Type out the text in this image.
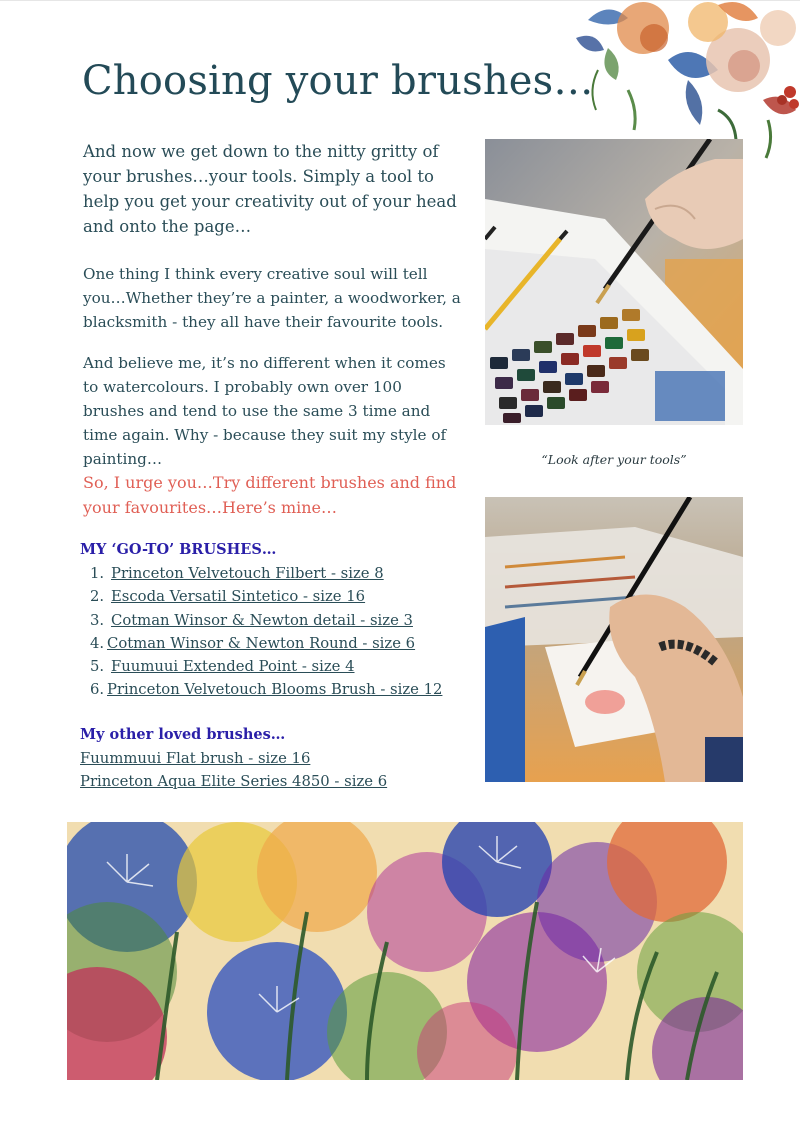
Choosing your brushes…

And now we get down to the nitty gritty of your brushes…your tools. Simply a tool to help you get your creativity out of your head and onto the page…

One thing I think every creative soul will tell you…Whether they’re a painter, a woodworker, a blacksmith - they all have their favourite tools.

And believe me, it’s no different when it comes to watercolours. I probably own over 100 brushes and tend to use the same 3 time and time again. Why - because they suit my style of painting…

So, I urge you…Try different brushes and find your favourites…Here’s mine…

MY ‘GO-TO’ BRUSHES…
1. Princeton Velvetouch Filbert - size 8
2. Escoda Versatil Sintetico - size 16
3. Cotman Winsor & Newton detail - size 3
4. Cotman Winsor & Newton Round - size 6
5. Fuumuui Extended Point - size 4
6. Princeton Velvetouch Blooms Brush - size 12
My other loved brushes…
Fuummuui Flat brush - size 16
Princeton Aqua Elite Series 4850 - size 6
“Look after your tools”
